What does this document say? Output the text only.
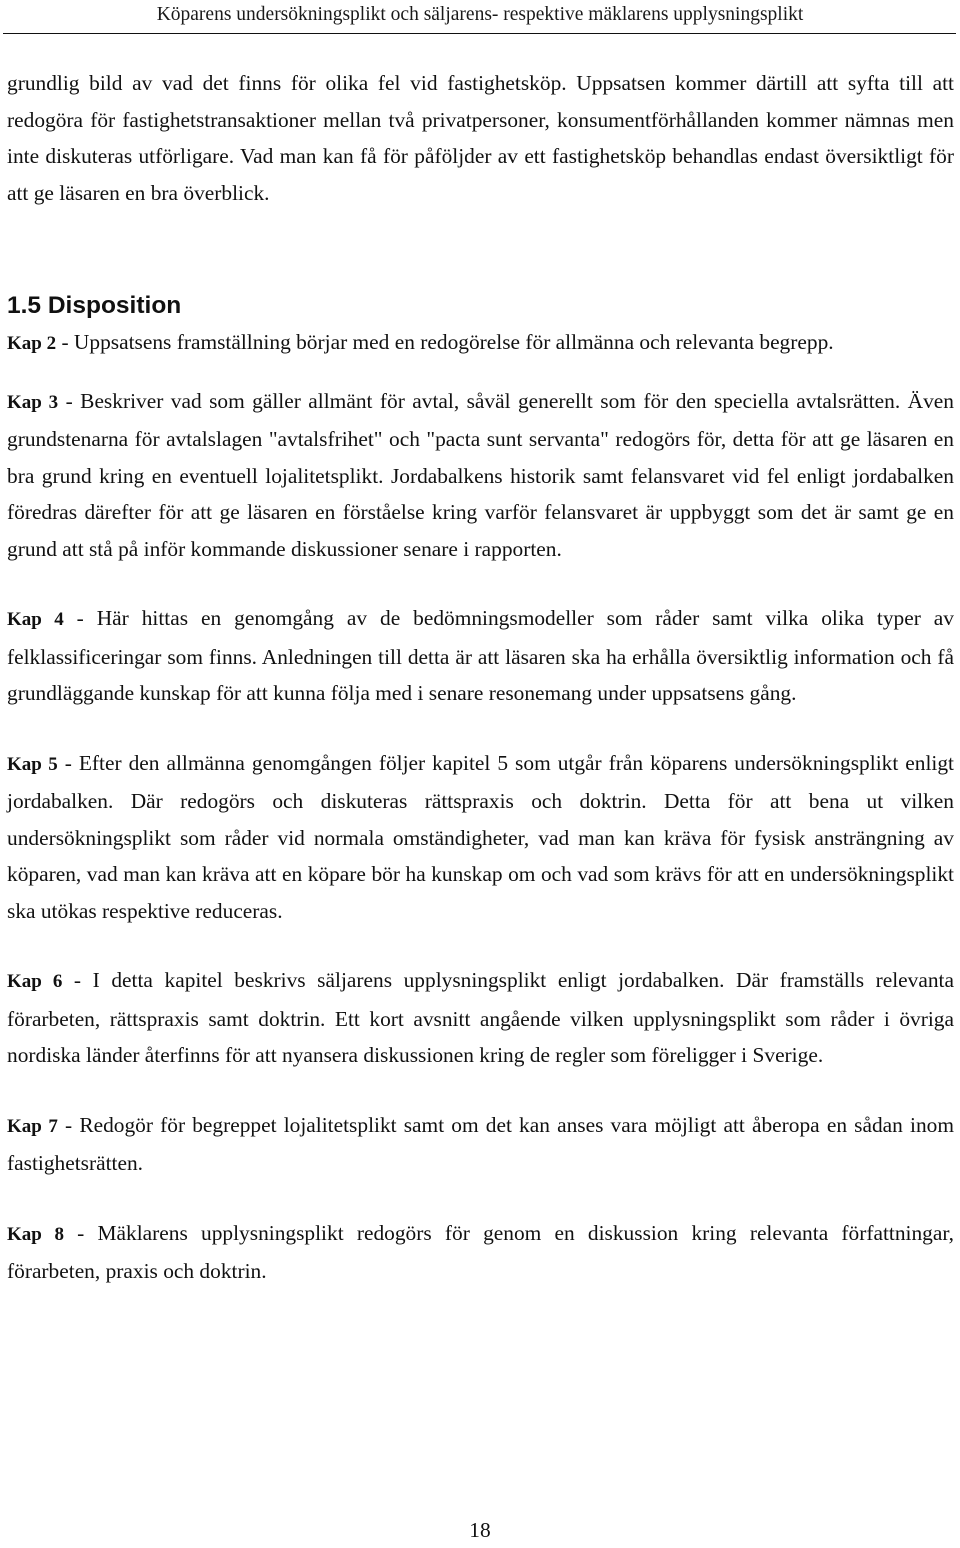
Köparens undersökningsplikt och säljarens- respektive mäklarens upplysningsplikt

grundlig bild av vad det finns för olika fel vid fastighetsköp. Uppsatsen kommer därtill att syfta till att redogöra för fastighetstransaktioner mellan två privatpersoner, konsumentförhållanden kommer nämnas men inte diskuteras utförligare. Vad man kan få för påföljder av ett fastighetsköp behandlas endast översiktligt för att ge läsaren en bra överblick.

1.5 Disposition

Kap 2 - Uppsatsens framställning börjar med en redogörelse för allmänna och relevanta begrepp.

Kap 3 - Beskriver vad som gäller allmänt för avtal, såväl generellt som för den speciella avtalsrätten. Även grundstenarna för avtalslagen "avtalsfrihet" och "pacta sunt servanta" redogörs för, detta för att ge läsaren en bra grund kring en eventuell lojalitetsplikt. Jordabalkens historik samt felansvaret vid fel enligt jordabalken föredras därefter för att ge läsaren en förståelse kring varför felansvaret är uppbyggt som det är samt ge en grund att stå på inför kommande diskussioner senare i rapporten.

Kap 4 - Här hittas en genomgång av de bedömningsmodeller som råder samt vilka olika typer av felklassificeringar som finns. Anledningen till detta är att läsaren ska ha erhålla översiktlig information och få grundläggande kunskap för att kunna följa med i senare resonemang under uppsatsens gång.

Kap 5 - Efter den allmänna genomgången följer kapitel 5 som utgår från köparens undersökningsplikt enligt jordabalken. Där redogörs och diskuteras rättspraxis och doktrin. Detta för att bena ut vilken undersökningsplikt som råder vid normala omständigheter, vad man kan kräva för fysisk ansträngning av köparen, vad man kan kräva att en köpare bör ha kunskap om och vad som krävs för att en undersökningsplikt ska utökas respektive reduceras.

Kap 6 - I detta kapitel beskrivs säljarens upplysningsplikt enligt jordabalken. Där framställs relevanta förarbeten, rättspraxis samt doktrin. Ett kort avsnitt angående vilken upplysningsplikt som råder i övriga nordiska länder återfinns för att nyansera diskussionen kring de regler som föreligger i Sverige.

Kap 7 - Redogör för begreppet lojalitetsplikt samt om det kan anses vara möjligt att åberopa en sådan inom fastighetsrätten.

Kap 8 - Mäklarens upplysningsplikt redogörs för genom en diskussion kring relevanta författningar, förarbeten, praxis och doktrin.

18
